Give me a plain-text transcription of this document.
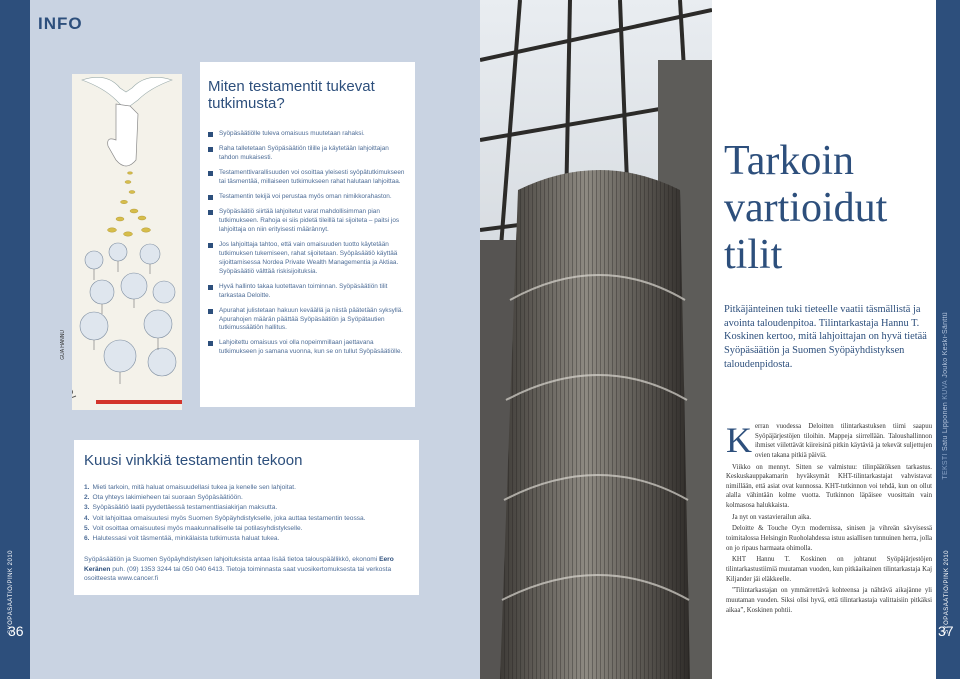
SYÖPÄSÄÄTIÖ/PINK 2010
36
INFO
GUA HANNU
Miten testamentit tukevat tutkimusta?
Syöpäsäätiölle tuleva omaisuus muutetaan rahaksi.
Raha talletetaan Syöpäsäätiön tilille ja käytetään lahjoittajan tahdon mukaisesti.
Testamenttivarallisuuden voi osoittaa yleisesti syöpätutkimukseen tai täsmentää, millaiseen tutkimukseen rahat halutaan lahjoittaa.
Testamentin tekijä voi perustaa myös oman nimikkorahaston.
Syöpäsäätiö siirtää lahjoitetut varat mahdollisimman pian tutkimukseen. Rahoja ei siis pidetä tileillä tai sijoiteta – paitsi jos lahjoittaja on niin erityisesti määrännyt.
Jos lahjoittaja tahtoo, että vain omaisuuden tuotto käytetään tutkimuksen tukemiseen, rahat sijoitetaan. Syöpäsäätiö käyttää sijoittamisessa Nordea Private Wealth Managementia ja Aktiaa. Syöpäsäätiö välttää riskisijoituksia.
Hyvä hallinto takaa luotettavan toiminnan. Syöpäsäätiön tilit tarkastaa Deloitte.
Apurahat julistetaan hakuun keväällä ja niistä päätetään syksyllä. Apurahojen määrän päättää Syöpäsäätiön ja Syöpätautien tutkimussäätiön hallitus.
Lahjoitettu omaisuus voi olla nopeimmillaan jaettavana tutkimukseen jo samana vuonna, kun se on tullut Syöpäsäätiölle.
Kuusi vinkkiä testamentin tekoon
1. Mieti tarkoin, mitä haluat omaisuudellasi tukea ja kenelle sen lahjoitat.
2. Ota yhteys lakimieheen tai suoraan Syöpäsäätiöön.
3. Syöpäsäätiö laatii pyydettäessä testamenttiasiakirjan maksutta.
4. Voit lahjoittaa omaisuutesi myös Suomen Syöpäyhdistykselle, joka auttaa testamentin teossa.
5. Voit osoittaa omaisuutesi myös maakunnalliselle tai potilasyhdistykselle.
6. Halutessasi voit täsmentää, minkälaista tutkimusta haluat tukea.
Syöpäsäätiön ja Suomen Syöpäyhdistyksen lahjoituksista antaa lisää tietoa talouspäällikkö, ekonomi Eero Keränen puh. (09) 1353 3244 tai 050 040 6413. Tietoja toiminnasta saat vuosikertomuksesta tai verkosta osoitteesta www.cancer.fi
Tarkoin
vartioidut
tilit
Pitkäjänteinen tuki tieteelle vaatii täsmällistä ja avointa taloudenpitoa. Tilintarkastaja Hannu T. Koskinen kertoo, mitä lahjoittajan on hyvä tietää Syöpäsäätiön ja Suomen Syöpäyhdistyksen taloudenpidosta.

Kerran vuodessa Deloitten tilintarkastuksen tiimi saapuu Syöpäjärjestöjen tiloihin. Mappeja siirrellään. Taloushallinnon ihmiset viilettävät kiireisinä pitkin käytäviä ja tekevät suljettujen ovien takana pitkiä päiviä.

Viikko on mennyt. Sitten se valmistuu: tilinpäätöksen tarkastus. Keskuskauppakamarin hyväksymät KHT-tilintarkastajat vahvistavat nimillään, että asiat ovat kunnossa. KHT-tutkinnon voi tehdä, kun on ollut alalla vähintään kolme vuotta. Tutkinnon läpäisee vuosittain vain kolmasosa halukkaista.

Ja nyt on vastavierailun aika.

Deloitte & Touche Oy:n modernissa, sinisen ja vihreän sävyisessä toimitalossa Helsingin Ruoholahdessa istuu asiallisen tunnuinen herra, jolla on jo ripaus harmaata ohimolla.

KHT Hannu T. Koskinen on johtanut Syöpäjärjestöjen tilintarkastustiimiä muutaman vuoden, kun pitkäaikainen tilintarkastaja Kaj Kiljander jäi eläkkeelle.

”Tilintarkastajan on ymmärrettävä kohteensa ja nähtävä aikajänne yli muutaman vuoden. Siksi olisi hyvä, että tilintarkastaja valittaisiin pitkäksi aikaa”, Koskinen pohtii.

TEKSTI Satu Lipponen KUVA Jouko Keski-Sänttü
SYÖPÄSÄÄTIÖ/PINK 2010
37
